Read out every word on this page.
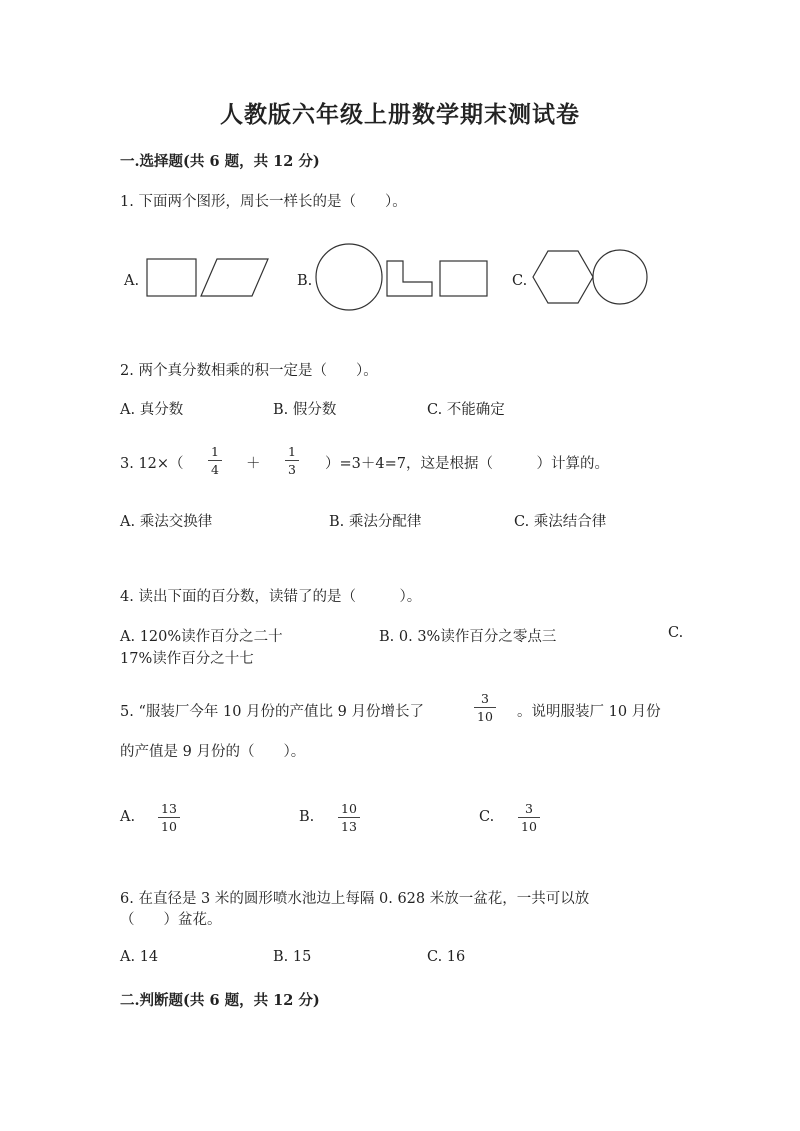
人教版六年级上册数学期末测试卷
一.选择题(共 6 题，共 12 分)
1. 下面两个图形，周长一样长的是（　　）。
A.	B.	C.
2. 两个真分数相乘的积一定是（　　）。
A. 真分数	B. 假分数	C. 不能确定
3. 12×（
1
4 ＋
1
3 ）=3＋4=7，这是根据（　　　）计算的。
A. 乘法交换律	B. 乘法分配律	C. 乘法结合律
4. 读出下面的百分数，读错了的是（　　　）。
A. 120%读作百分之二十	B. 0. 3%读作百分之零点三	C.
17%读作百分之十七
5. “服装厂今年 10 月份的产值比 9 月份增长了
3
10 。说明服装厂 10 月份
的产值是 9 月份的（　　）。
A.
13
10
B.
10
13
C.
3
10
6. 在直径是 3 米的圆形喷水池边上每隔 0. 628 米放一盆花，一共可以放
（　　）盆花。
A. 14	B. 15	C. 16
二.判断题(共 6 题，共 12 分)
